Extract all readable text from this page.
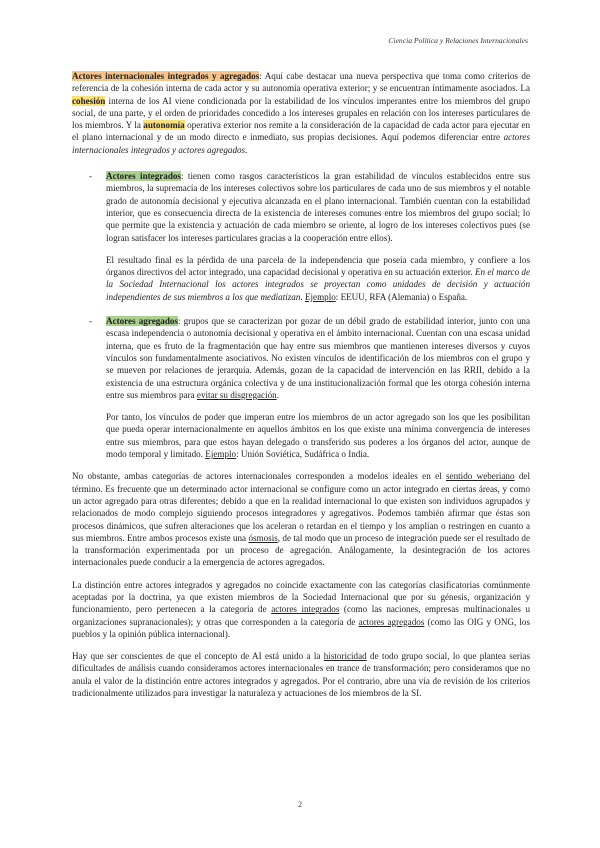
Ciencia Política y Relaciones Internacionales

Actores internacionales integrados y agregados: Aquí cabe destacar una nueva perspectiva que toma como criterios de referencia de la cohesión interna de cada actor y su autonomía operativa exterior; y se encuentran íntimamente asociados. La cohesión interna de los AI viene condicionada por la estabilidad de los vínculos imperantes entre los miembros del grupo social, de una parte, y el orden de prioridades concedido a los intereses grupales en relación con los intereses particulares de los miembros. Y la autonomía operativa exterior nos remite a la consideración de la capacidad de cada actor para ejecutar en el plano internacional y de un modo directo e inmediato, sus propias decisiones. Aquí podemos diferenciar entre actores internacionales integrados y actores agregados.

- Actores integrados: tienen como rasgos característicos la gran estabilidad de vínculos establecidos entre sus miembros, la supremacía de los intereses colectivos sobre los particulares de cada uno de sus miembros y el notable grado de autonomía decisional y ejecutiva alcanzada en el plano internacional. También cuentan con la estabilidad interior, que es consecuencia directa de la existencia de intereses comunes entre los miembros del grupo social; lo que permite que la existencia y actuación de cada miembro se oriente, al logro de los intereses colectivos pues (se logran satisfacer los intereses particulares gracias a la cooperación entre ellos).

El resultado final es la pérdida de una parcela de la independencia que poseía cada miembro, y confiere a los órganos directivos del actor integrado, una capacidad decisional y operativa en su actuación exterior. En el marco de la Sociedad Internacional los actores integrados se proyectan como unidades de decisión y actuación independientes de sus miembros a los que mediatizan. Ejemplo: EEUU, RFA (Alemania) o España.

- Actores agregados: grupos que se caracterizan por gozar de un débil grado de estabilidad interior, junto con una escasa independencia o autonomía decisional y operativa en el ámbito internacional. Cuentan con una escasa unidad interna, que es fruto de la fragmentación que hay entre sus miembros que mantienen intereses diversos y cuyos vínculos son fundamentalmente asociativos. No existen vínculos de identificación de los miembros con el grupo y se mueven por relaciones de jerarquía. Además, gozan de la capacidad de intervención en las RRII, debido a la existencia de una estructura orgánica colectiva y de una institucionalización formal que les otorga cohesión interna entre sus miembros para evitar su disgregación.

Por tanto, los vínculos de poder que imperan entre los miembros de un actor agregado son los que les posibilitan que pueda operar internacionalmente en aquellos ámbitos en los que existe una mínima convergencia de intereses entre sus miembros, para que estos hayan delegado o transferido sus poderes a los órganos del actor, aunque de modo temporal y limitado. Ejemplo: Unión Soviética, Sudáfrica o India.

No obstante, ambas categorías de actores internacionales corresponden a modelos ideales en el sentido weberiano del término. Es frecuente que un determinado actor internacional se configure como un actor integrado en ciertas áreas, y como un actor agregado para otras diferentes; debido a que en la realidad internacional lo que existen son individuos agrupados y relacionados de modo complejo siguiendo procesos integradores y agregativos. Podemos también afirmar que éstas son procesos dinámicos, que sufren alteraciones que los aceleran o retardan en el tiempo y los amplían o restringen en cuanto a sus miembros. Entre ambos procesos existe una ósmosis, de tal modo que un proceso de integración puede ser el resultado de la transformación experimentada por un proceso de agregación. Análogamente, la desintegración de los actores internacionales puede conducir a la emergencia de actores agregados.

La distinción entre actores integrados y agregados no coincide exactamente con las categorías clasificatorias comúnmente aceptadas por la doctrina, ya que existen miembros de la Sociedad Internacional que por su génesis, organización y funcionamiento, pero pertenecen a la categoría de actores integrados (como las naciones, empresas multinacionales u organizaciones supranacionales); y otras que corresponden a la categoría de actores agregados (como las OIG y ONG, los pueblos y la opinión pública internacional).

Hay que ser conscientes de que el concepto de AI está unido a la historicidad de todo grupo social, lo que plantea serias dificultades de análisis cuando consideramos actores internacionales en trance de transformación; pero consideramos que no anula el valor de la distinción entre actores integrados y agregados. Por el contrario, abre una vía de revisión de los criterios tradicionalmente utilizados para investigar la naturaleza y actuaciones de los miembros de la SI.

2
